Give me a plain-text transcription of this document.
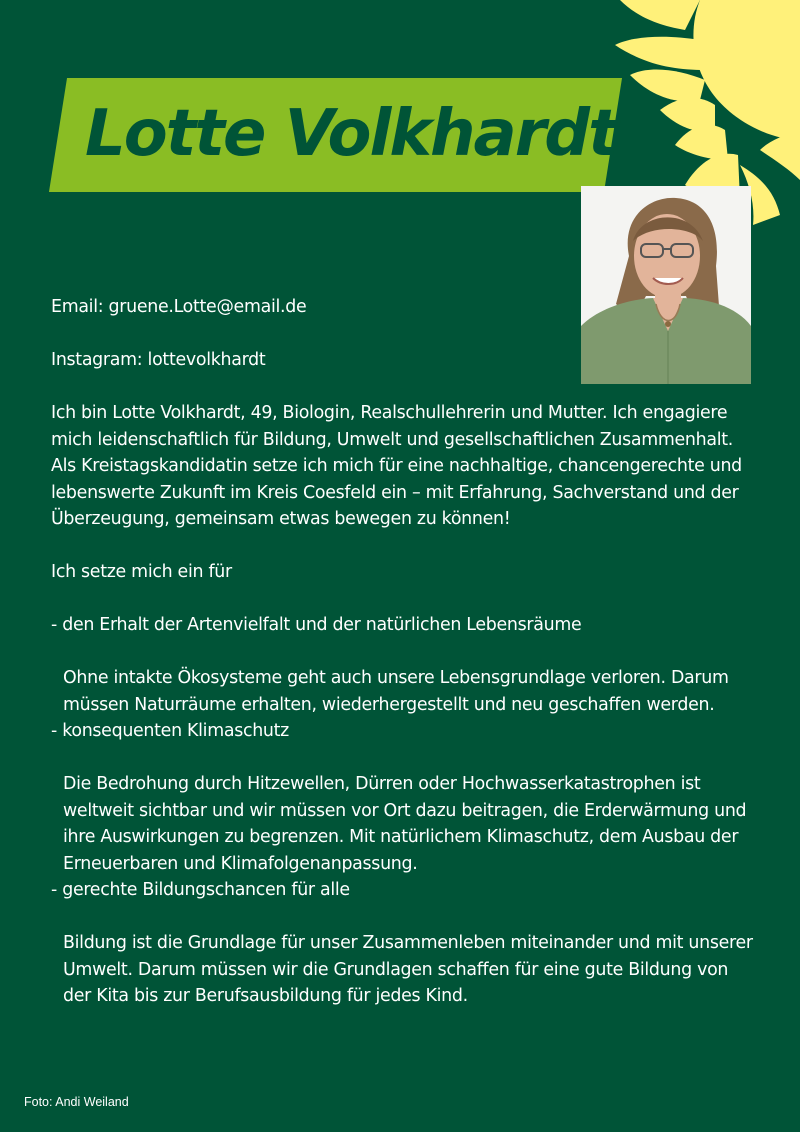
Lotte Volkhardt

Email: gruene.Lotte@email.de

Instagram: lottevolkhardt

Ich bin Lotte Volkhardt, 49, Biologin, Realschullehrerin und Mutter. Ich engagiere mich leidenschaftlich für Bildung, Umwelt und gesellschaftlichen Zusammenhalt. Als Kreistagskandidatin setze ich mich für eine nachhaltige, chancengerechte und lebenswerte Zukunft im Kreis Coesfeld ein – mit Erfahrung, Sachverstand und der Überzeugung, gemeinsam etwas bewegen zu können!

Ich setze mich ein für

- den Erhalt der Artenvielfalt und der natürlichen Lebensräume

Ohne intakte Ökosysteme geht auch unsere Lebensgrundlage verloren. Darum müssen Naturräume erhalten, wiederhergestellt und neu geschaffen werden.

- konsequenten Klimaschutz

Die Bedrohung durch Hitzewellen, Dürren oder Hochwasserkatastrophen ist weltweit sichtbar und wir müssen vor Ort dazu beitragen, die Erderwärmung und ihre Auswirkungen zu begrenzen. Mit natürlichem Klimaschutz, dem Ausbau der Erneuerbaren und Klimafolgenanpassung.

- gerechte Bildungschancen für alle

Bildung ist die Grundlage für unser Zusammenleben miteinander und mit unserer Umwelt. Darum müssen wir die Grundlagen schaffen für eine gute Bildung von der Kita bis zur Berufsausbildung für jedes Kind.

Foto: Andi Weiland
